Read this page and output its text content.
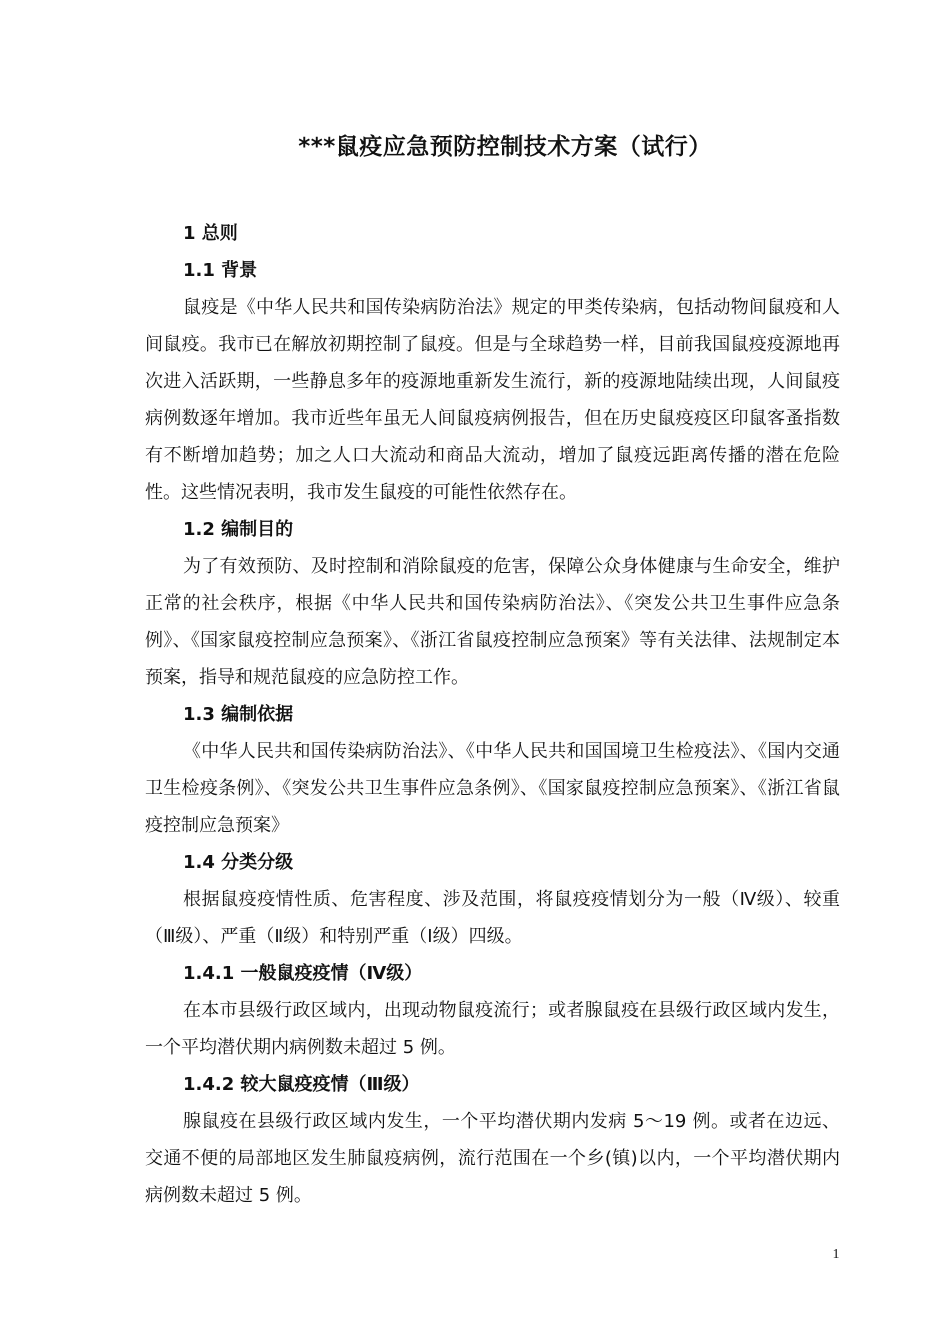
***鼠疫应急预防控制技术方案（试行）

1 总则

1.1 背景

鼠疫是《中华人民共和国传染病防治法》规定的甲类传染病，包括动物间鼠疫和人间鼠疫。我市已在解放初期控制了鼠疫。但是与全球趋势一样，目前我国鼠疫疫源地再次进入活跃期，一些静息多年的疫源地重新发生流行，新的疫源地陆续出现，人间鼠疫病例数逐年增加。我市近些年虽无人间鼠疫病例报告，但在历史鼠疫疫区印鼠客蚤指数有不断增加趋势；加之人口大流动和商品大流动，增加了鼠疫远距离传播的潜在危险性。这些情况表明，我市发生鼠疫的可能性依然存在。

1.2 编制目的

为了有效预防、及时控制和消除鼠疫的危害，保障公众身体健康与生命安全，维护正常的社会秩序，根据《中华人民共和国传染病防治法》、《突发公共卫生事件应急条例》、《国家鼠疫控制应急预案》、《浙江省鼠疫控制应急预案》等有关法律、法规制定本预案，指导和规范鼠疫的应急防控工作。

1.3 编制依据

《中华人民共和国传染病防治法》、《中华人民共和国国境卫生检疫法》、《国内交通卫生检疫条例》、《突发公共卫生事件应急条例》、《国家鼠疫控制应急预案》、《浙江省鼠疫控制应急预案》

1.4 分类分级

根据鼠疫疫情性质、危害程度、涉及范围，将鼠疫疫情划分为一般（Ⅳ级）、较重（Ⅲ级）、严重（Ⅱ级）和特别严重（Ⅰ级）四级。

1.4.1 一般鼠疫疫情（Ⅳ级）

在本市县级行政区域内，出现动物鼠疫流行；或者腺鼠疫在县级行政区域内发生，一个平均潜伏期内病例数未超过 5 例。

1.4.2 较大鼠疫疫情（Ⅲ级）

腺鼠疫在县级行政区域内发生，一个平均潜伏期内发病 5～19 例。或者在边远、交通不便的局部地区发生肺鼠疫病例，流行范围在一个乡(镇)以内，一个平均潜伏期内病例数未超过 5 例。

1
